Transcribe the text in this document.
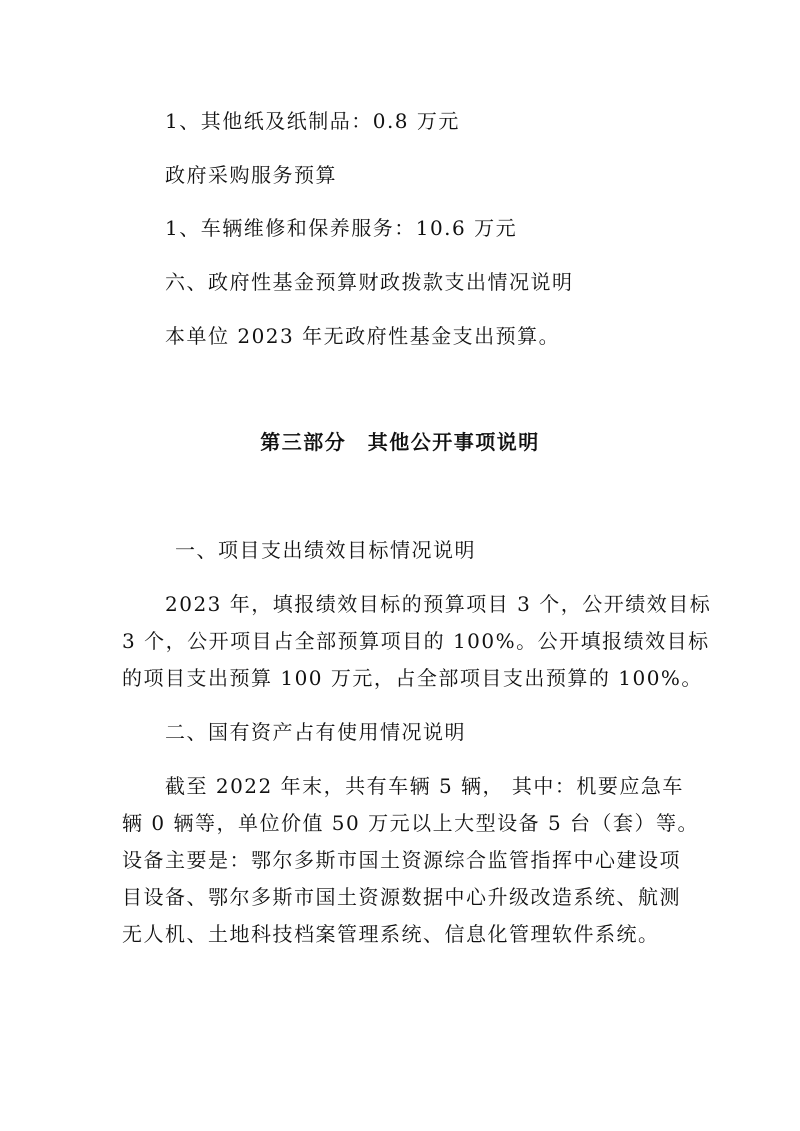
1、其他纸及纸制品：0.8 万元
政府采购服务预算
1、车辆维修和保养服务：10.6 万元
六、政府性基金预算财政拨款支出情况说明
本单位 2023 年无政府性基金支出预算。
第三部分　其他公开事项说明
一、项目支出绩效目标情况说明
2023 年，填报绩效目标的预算项目 3 个，公开绩效目标
3 个，公开项目占全部预算项目的 100%。公开填报绩效目标
的项目支出预算 100 万元，占全部项目支出预算的 100%。
二、国有资产占有使用情况说明
截至 2022 年末，共有车辆 5 辆， 其中：机要应急车
辆 0 辆等，单位价值 50 万元以上大型设备 5 台（套）等。
设备主要是：鄂尔多斯市国土资源综合监管指挥中心建设项
目设备、鄂尔多斯市国土资源数据中心升级改造系统、航测
无人机、土地科技档案管理系统、信息化管理软件系统。
